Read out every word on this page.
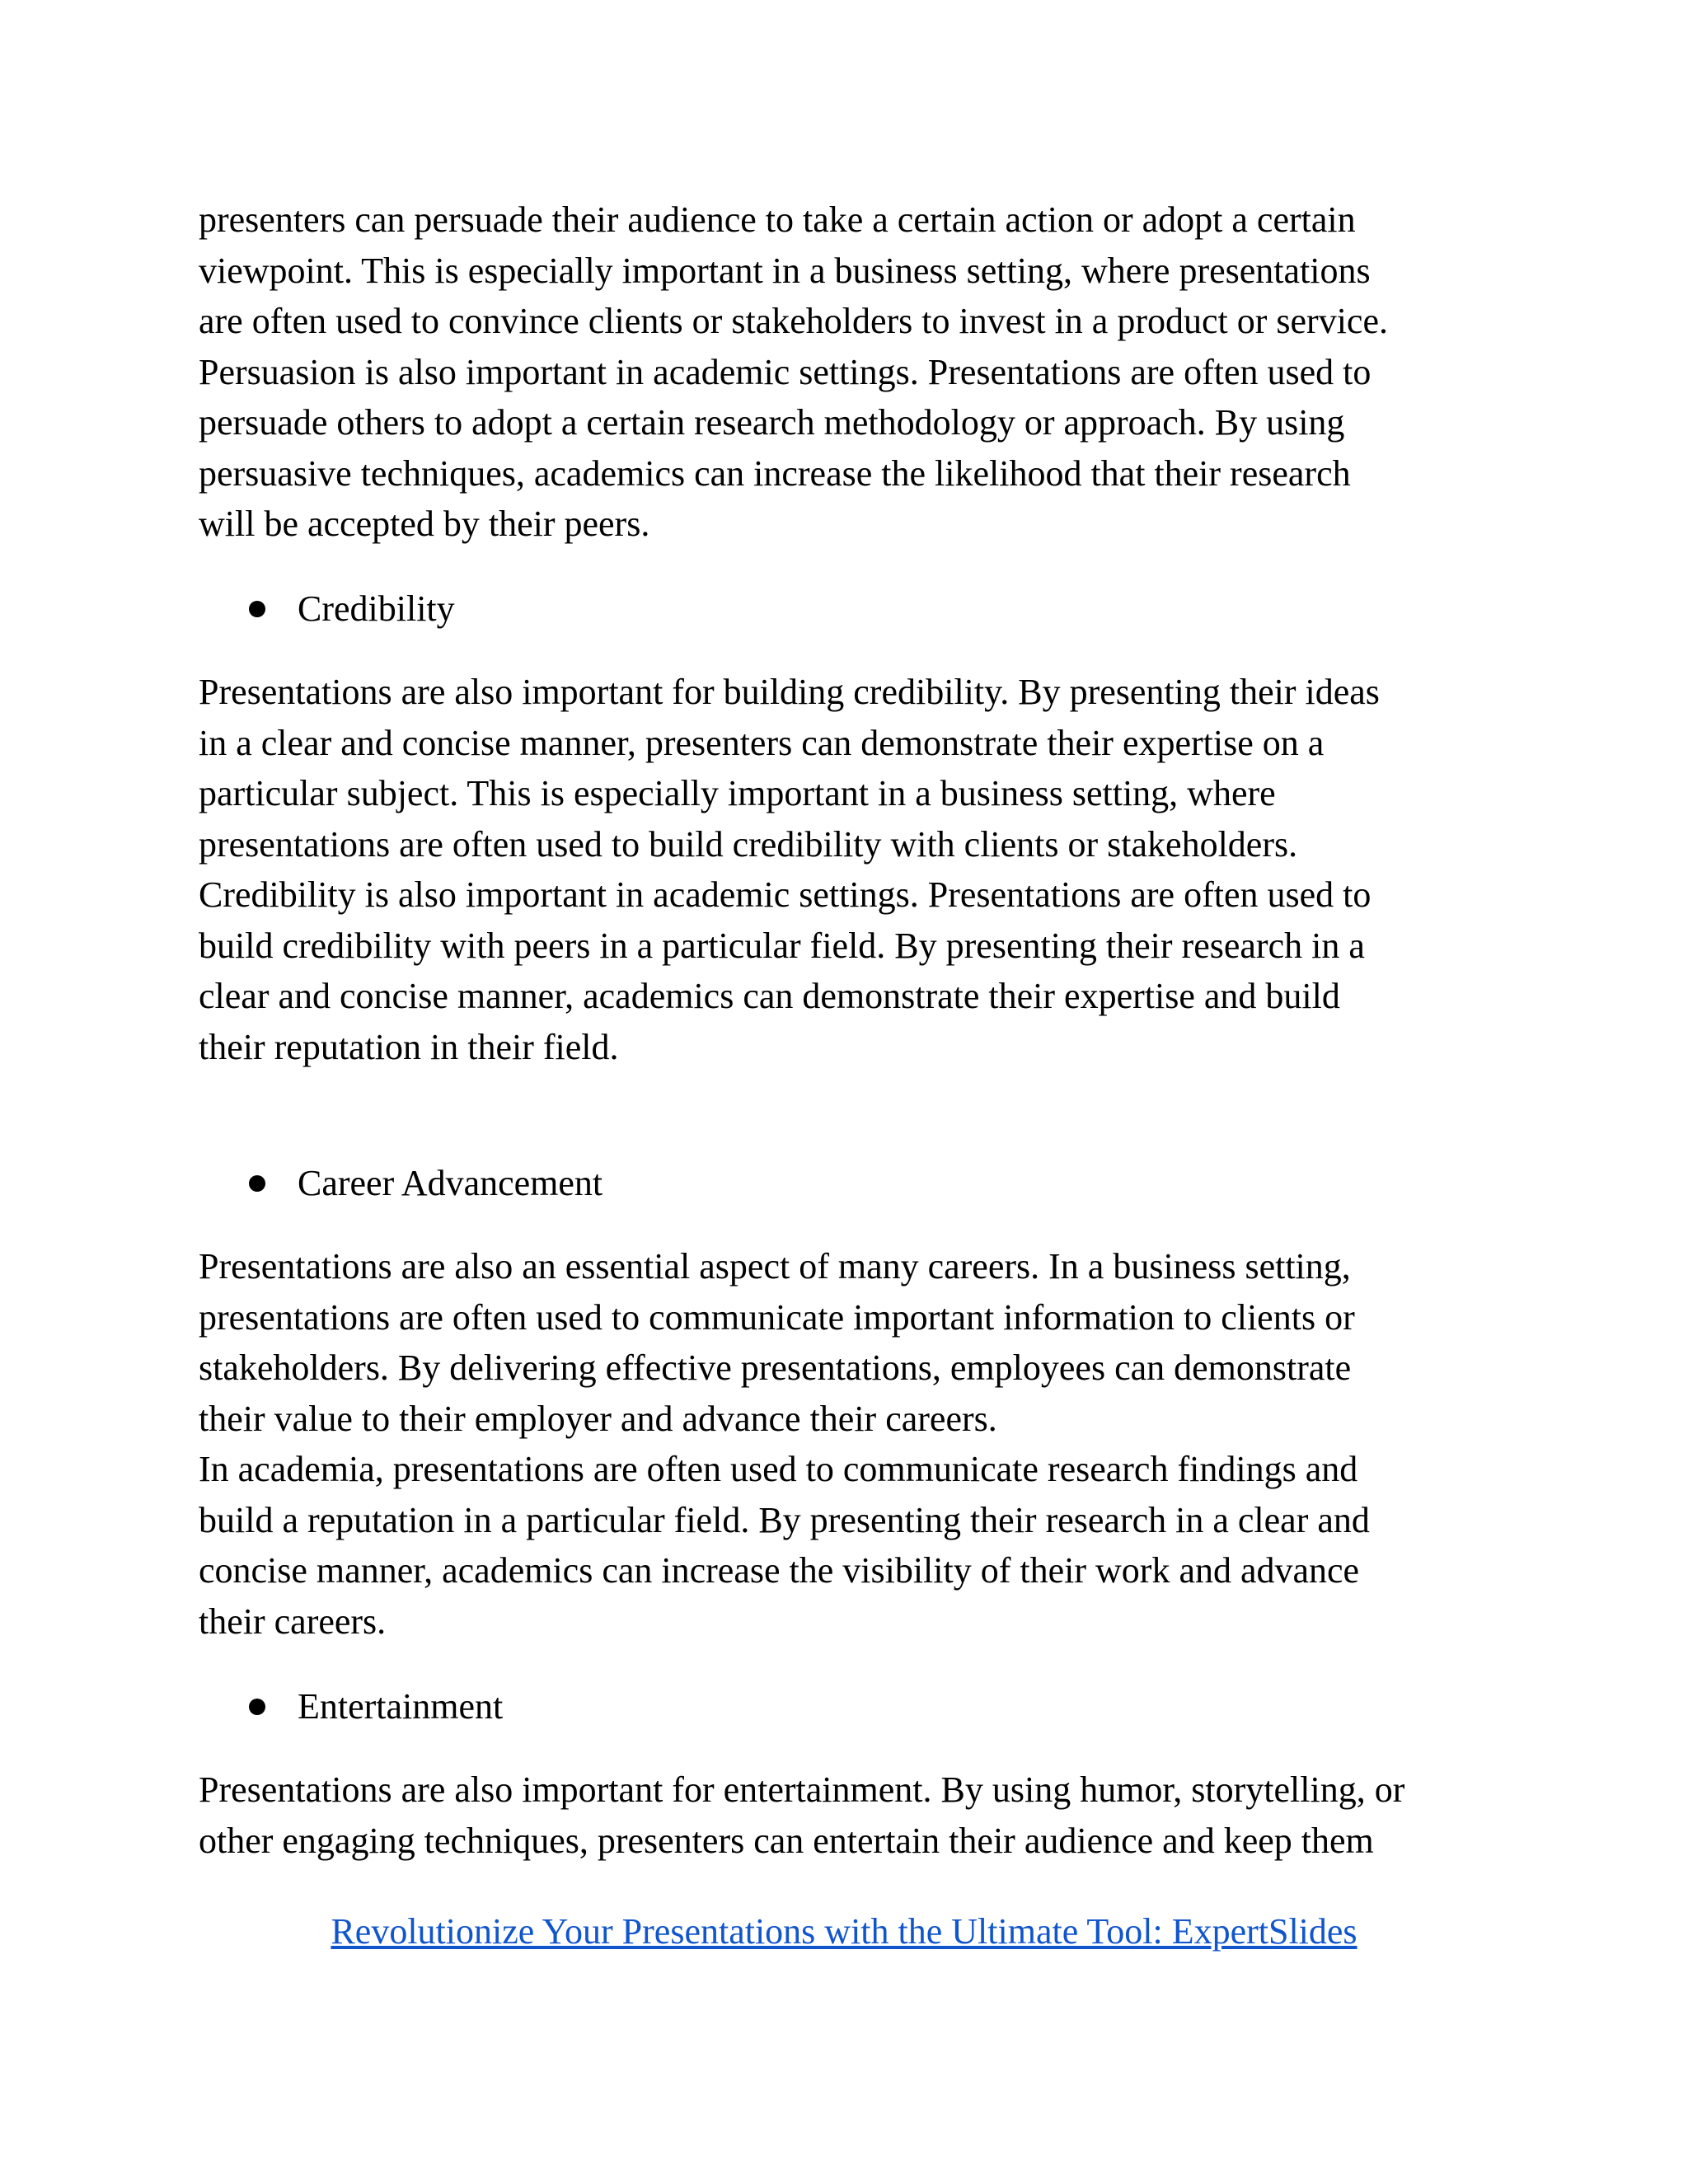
presenters can persuade their audience to take a certain action or adopt a certain

viewpoint. This is especially important in a business setting, where presentations

are often used to convince clients or stakeholders to invest in a product or service.

Persuasion is also important in academic settings. Presentations are often used to

persuade others to adopt a certain research methodology or approach. By using

persuasive techniques, academics can increase the likelihood that their research

will be accepted by their peers.

Credibility

Presentations are also important for building credibility. By presenting their ideas

in a clear and concise manner, presenters can demonstrate their expertise on a

particular subject. This is especially important in a business setting, where

presentations are often used to build credibility with clients or stakeholders.

Credibility is also important in academic settings. Presentations are often used to

build credibility with peers in a particular field. By presenting their research in a

clear and concise manner, academics can demonstrate their expertise and build

their reputation in their field.

Career Advancement

Presentations are also an essential aspect of many careers. In a business setting,

presentations are often used to communicate important information to clients or

stakeholders. By delivering effective presentations, employees can demonstrate

their value to their employer and advance their careers.

In academia, presentations are often used to communicate research findings and

build a reputation in a particular field. By presenting their research in a clear and

concise manner, academics can increase the visibility of their work and advance

their careers.

Entertainment

Presentations are also important for entertainment. By using humor, storytelling, or

other engaging techniques, presenters can entertain their audience and keep them

Revolutionize Your Presentations with the Ultimate Tool: ExpertSlides
